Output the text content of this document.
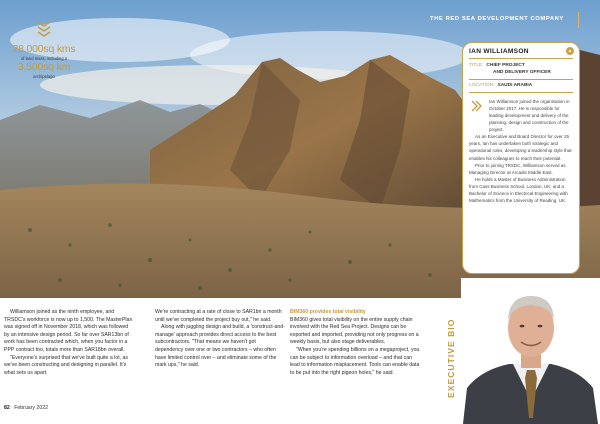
28,000sq kms
of land mass, including a
3,500sq km
archipelago
THE RED SEA DEVELOPMENT COMPANY
◆
IAN WILLIAMSON
TITLE: CHIEF PROJECT
AND DELIVERY OFFICER
LOCATION: SAUDI ARABIA

Ian Williamson joined the organisation in October 2017. He is responsible for leading development and delivery of the planning, design and construction of the project.

As an Executive and Board Director for over 25 years, Ian has undertaken both strategic and operational roles, developing a leadership style that enables his colleagues to reach their potential.

Prior to joining TRSDC, Williamson served as Managing Director at Arcadis Middle East.

He holds a Master of Business Administration from Cass Business School, London, UK; and a Bachelor of Science in Electrical Engineering with Mathematics from the University of Reading, UK.

Williamson joined as the ninth employee, and TRSDC's workforce is now up to 1,500. The MasterPlan was signed off in November 2018, which was followed by an intensive design period. So far over SAR13bn of work has been contracted which, when you factor in a PPP contract too, totals more than SAR18bn overall.

"Everyone's surprised that we've built quite a lot, as we've been constructing and designing in parallel. It's what sets us apart.

We're contracting at a rate of close to SAR1bn a month until we've completed the project buy out," he said.

Along with juggling design and build, a 'construct-and-manage' approach provides direct access to the best subcontractors. "That means we haven't got dependency over one or two contractors – who often have limited control over – and eliminate some of the mark ups," he said.

BIM360 provides total visibility

BIM360 gives total visibility on the entire supply chain involved with the Red Sea Project. Designs can be exported and imported, providing not only progress on a weekly basis, but also stage deliverables.

"When you're spending billions on a megaproject, you can be subject to information overload – and that can lead to information misplacement. Tools can enable data to be put into the right pigeon holes," he said.	EXECUTIVE BIO
82 February 2022
